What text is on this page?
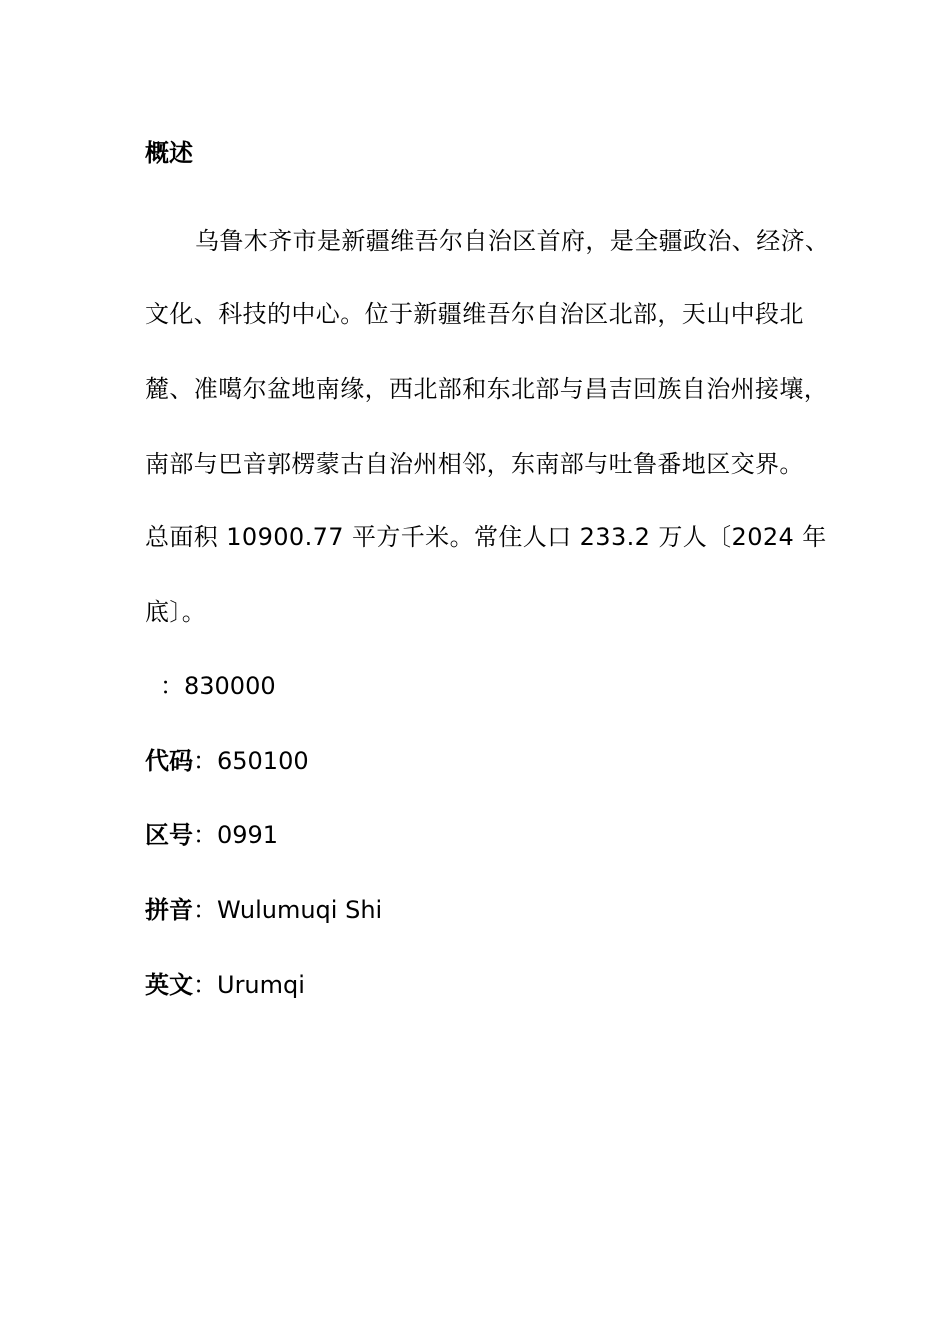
概述
乌鲁木齐市是新疆维吾尔自治区首府，是全疆政治、经济、
文化、科技的中心。位于新疆维吾尔自治区北部，天山中段北
麓、准噶尔盆地南缘，西北部和东北部与昌吉回族自治州接壤，
南部与巴音郭楞蒙古自治州相邻，东南部与吐鲁番地区交界。
总面积 10900.77 平方千米。常住人口 233.2 万人〔2024 年
底〕。
：830000
代码：650100
区号：0991
拼音：Wulumuqi Shi
英文：Urumqi
